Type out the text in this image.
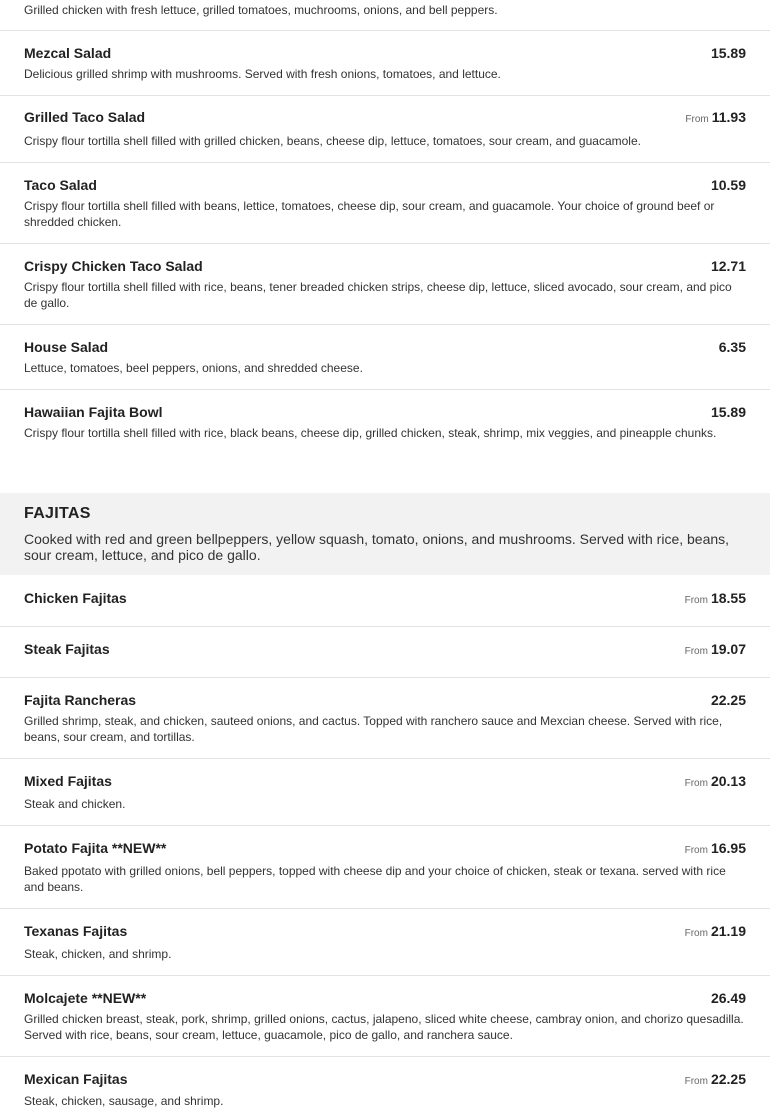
Grilled chicken with fresh lettuce, grilled tomatoes, muchrooms, onions, and bell peppers.
Mezcal Salad	15.89
Delicious grilled shrimp with mushrooms. Served with fresh onions, tomatoes, and lettuce.
Grilled Taco Salad	From 11.93
Crispy flour tortilla shell filled with grilled chicken, beans, cheese dip, lettuce, tomatoes, sour cream, and guacamole.
Taco Salad	10.59
Crispy flour tortilla shell filled with beans, lettice, tomatoes, cheese dip, sour cream, and guacamole. Your choice of ground beef or shredded chicken.
Crispy Chicken Taco Salad	12.71
Crispy flour tortilla shell filled with rice, beans, tener breaded chicken strips, cheese dip, lettuce, sliced avocado, sour cream, and pico de gallo.
House Salad	6.35
Lettuce, tomatoes, beel peppers, onions, and shredded cheese.
Hawaiian Fajita Bowl	15.89
Crispy flour tortilla shell filled with rice, black beans, cheese dip, grilled chicken, steak, shrimp, mix veggies, and pineapple chunks.
FAJITAS
Cooked with red and green bellpeppers, yellow squash, tomato, onions, and mushrooms. Served with rice, beans, sour cream, lettuce, and pico de gallo.
Chicken Fajitas	From 18.55
Steak Fajitas	From 19.07
Fajita Rancheras	22.25
Grilled shrimp, steak, and chicken, sauteed onions, and cactus. Topped with ranchero sauce and Mexcian cheese. Served with rice, beans, sour cream, and tortillas.
Mixed Fajitas	From 20.13
Steak and chicken.
Potato Fajita **NEW**	From 16.95
Baked ppotato with grilled onions, bell peppers, topped with cheese dip and your choice of chicken, steak or texana. served with rice and beans.
Texanas Fajitas	From 21.19
Steak, chicken, and shrimp.
Molcajete **NEW**	26.49
Grilled chicken breast, steak, pork, shrimp, grilled onions, cactus, jalapeno, sliced white cheese, cambray onion, and chorizo quesadilla. Served with rice, beans, sour cream, lettuce, guacamole, pico de gallo, and ranchera sauce.
Mexican Fajitas	From 22.25
Steak, chicken, sausage, and shrimp.
